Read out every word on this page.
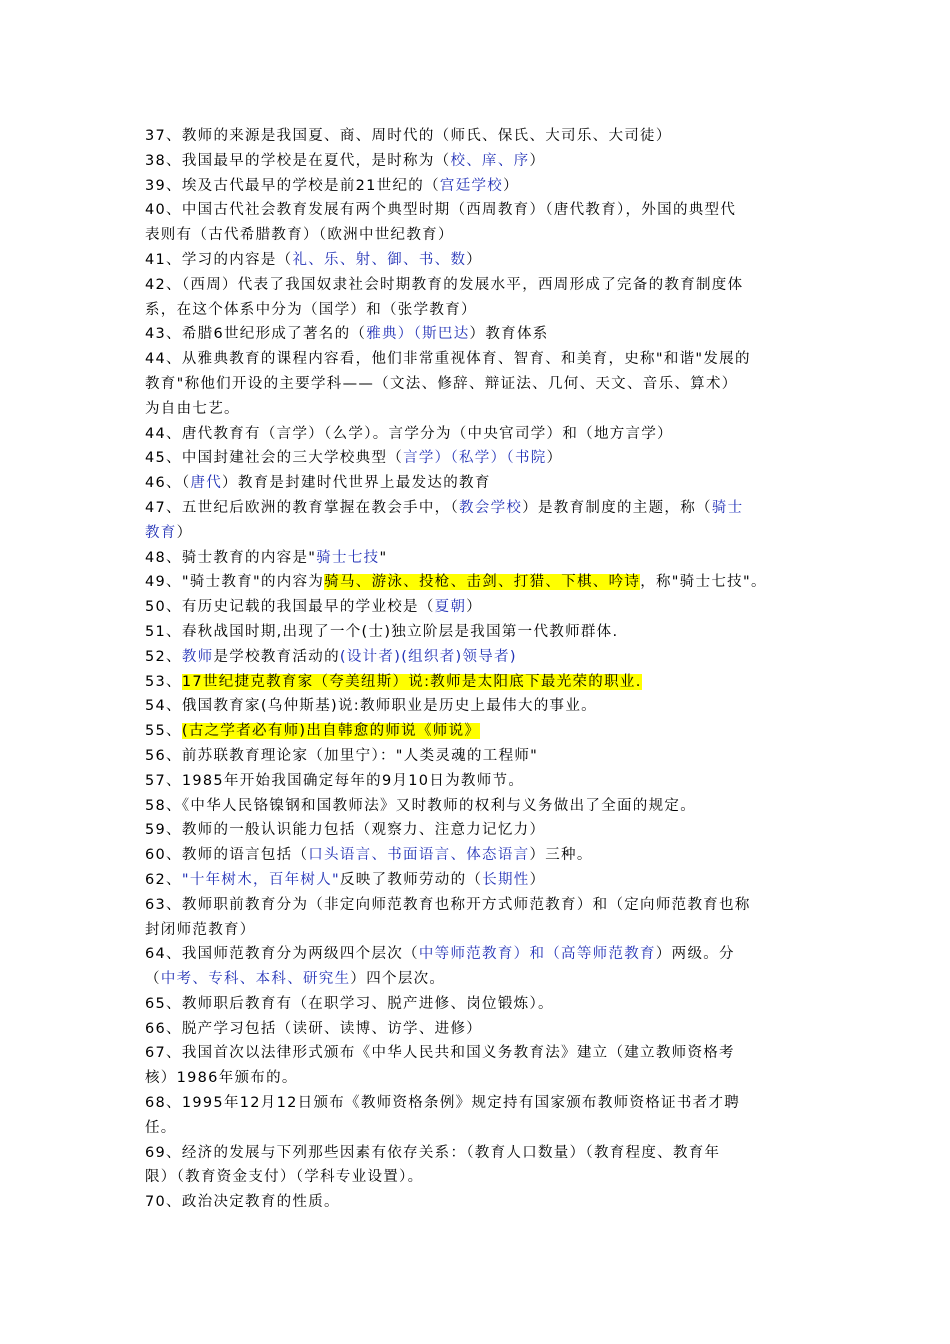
37、教师的来源是我国夏、商、周时代的（师氏、保氏、大司乐、大司徒）
38、我国最早的学校是在夏代，是时称为（校、庠、序）
39、埃及古代最早的学校是前21世纪的（宫廷学校）
40、中国古代社会教育发展有两个典型时期（西周教育）（唐代教育），外国的典型代
表则有（古代希腊教育）（欧洲中世纪教育）
41、学习的内容是（礼、乐、射、御、书、数）
42、（西周）代表了我国奴隶社会时期教育的发展水平，西周形成了完备的教育制度体
系，在这个体系中分为（国学）和（张学教育）
43、希腊6世纪形成了著名的（雅典）（斯巴达）教育体系
44、从雅典教育的课程内容看，他们非常重视体育、智育、和美育，史称"和谐"发展的
教育"称他们开设的主要学科——（文法、修辞、辩证法、几何、天文、音乐、算术）
为自由七艺。
44、唐代教育有（言学）（么学）。言学分为（中央官司学）和（地方言学）
45、中国封建社会的三大学校典型（言学）（私学）（书院）
46、（唐代）教育是封建时代世界上最发达的教育
47、五世纪后欧洲的教育掌握在教会手中，（教会学校）是教育制度的主题，称（骑士
教育）
48、骑士教育的内容是"骑士七技"
49、"骑士教育"的内容为骑马、游泳、投枪、击剑、打猎、下棋、吟诗，称"骑士七技"。
50、有历史记载的我国最早的学业校是（夏朝）
51、春秋战国时期,出现了一个(士)独立阶层是我国第一代教师群体.
52、教师是学校教育活动的(设计者)(组织者)领导者)
53、17世纪捷克教育家（夸美纽斯）说:教师是太阳底下最光荣的职业.
54、俄国教育家(乌仲斯基)说:教师职业是历史上最伟大的事业。
55、(古之学者必有师)出自韩愈的师说《师说》
56、前苏联教育理论家（加里宁）："人类灵魂的工程师"
57、1985年开始我国确定每年的9月10日为教师节。
58、《中华人民铬镍钢和国教师法》又时教师的权利与义务做出了全面的规定。
59、教师的一般认识能力包括（观察力、注意力记忆力）
60、教师的语言包括（口头语言、书面语言、体态语言）三种。
62、"十年树木，百年树人"反映了教师劳动的（长期性）
63、教师职前教育分为（非定向师范教育也称开方式师范教育）和（定向师范教育也称
封闭师范教育）
64、我国师范教育分为两级四个层次（中等师范教育）和（高等师范教育）两级。分
（中考、专科、本科、研究生）四个层次。
65、教师职后教育有（在职学习、脱产进修、岗位锻炼）。
66、脱产学习包括（读研、读博、访学、进修）
67、我国首次以法律形式颁布《中华人民共和国义务教育法》建立（建立教师资格考
核）1986年颁布的。
68、1995年12月12日颁布《教师资格条例》规定持有国家颁布教师资格证书者才聘
任。
69、经济的发展与下列那些因素有依存关系：（教育人口数量）（教育程度、教育年
限）（教育资金支付）（学科专业设置）。
70、政治决定教育的性质。
